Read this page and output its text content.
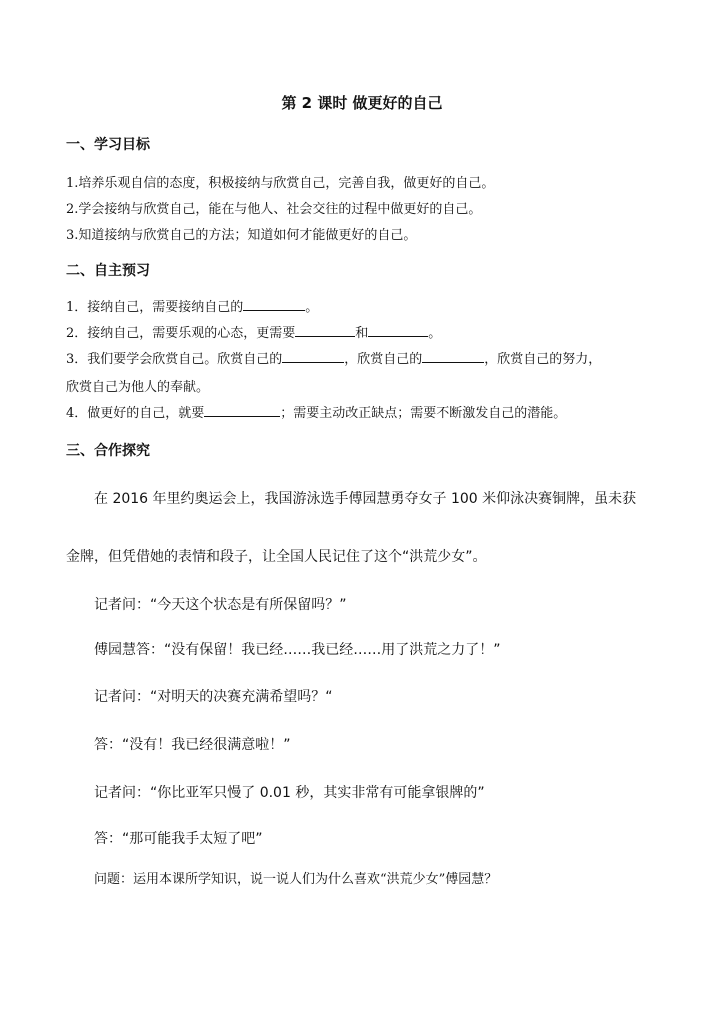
第 2 课时 做更好的自己
一、学习目标
1.培养乐观自信的态度，积极接纳与欣赏自己，完善自我，做更好的自己。
2.学会接纳与欣赏自己，能在与他人、社会交往的过程中做更好的自己。
3.知道接纳与欣赏自己的方法；知道如何才能做更好的自己。
二、自主预习
1．接纳自己，需要接纳自己的	。
2．接纳自己，需要乐观的心态，更需要	和	。
3．我们要学会欣赏自己。欣赏自己的	，欣赏自己的	，欣赏自己的努力，
欣赏自己为他人的奉献。
4．做更好的自己，就要	；需要主动改正缺点；需要不断激发自己的潜能。
三、合作探究
在 2016 年里约奥运会上，我国游泳选手傅园慧勇夺女子 100 米仰泳决赛铜牌，虽未获
金牌，但凭借她的表情和段子，让全国人民记住了这个“洪荒少女”。
记者问：“今天这个状态是有所保留吗？”
傅园慧答：“没有保留！我已经……我已经……用了洪荒之力了！”
记者问：“对明天的决赛充满希望吗？“
答：“没有！我已经很满意啦！”
记者问：“你比亚军只慢了 0.01 秒，其实非常有可能拿银牌的”
答：“那可能我手太短了吧”
问题：运用本课所学知识，说一说人们为什么喜欢“洪荒少女”傅园慧？
